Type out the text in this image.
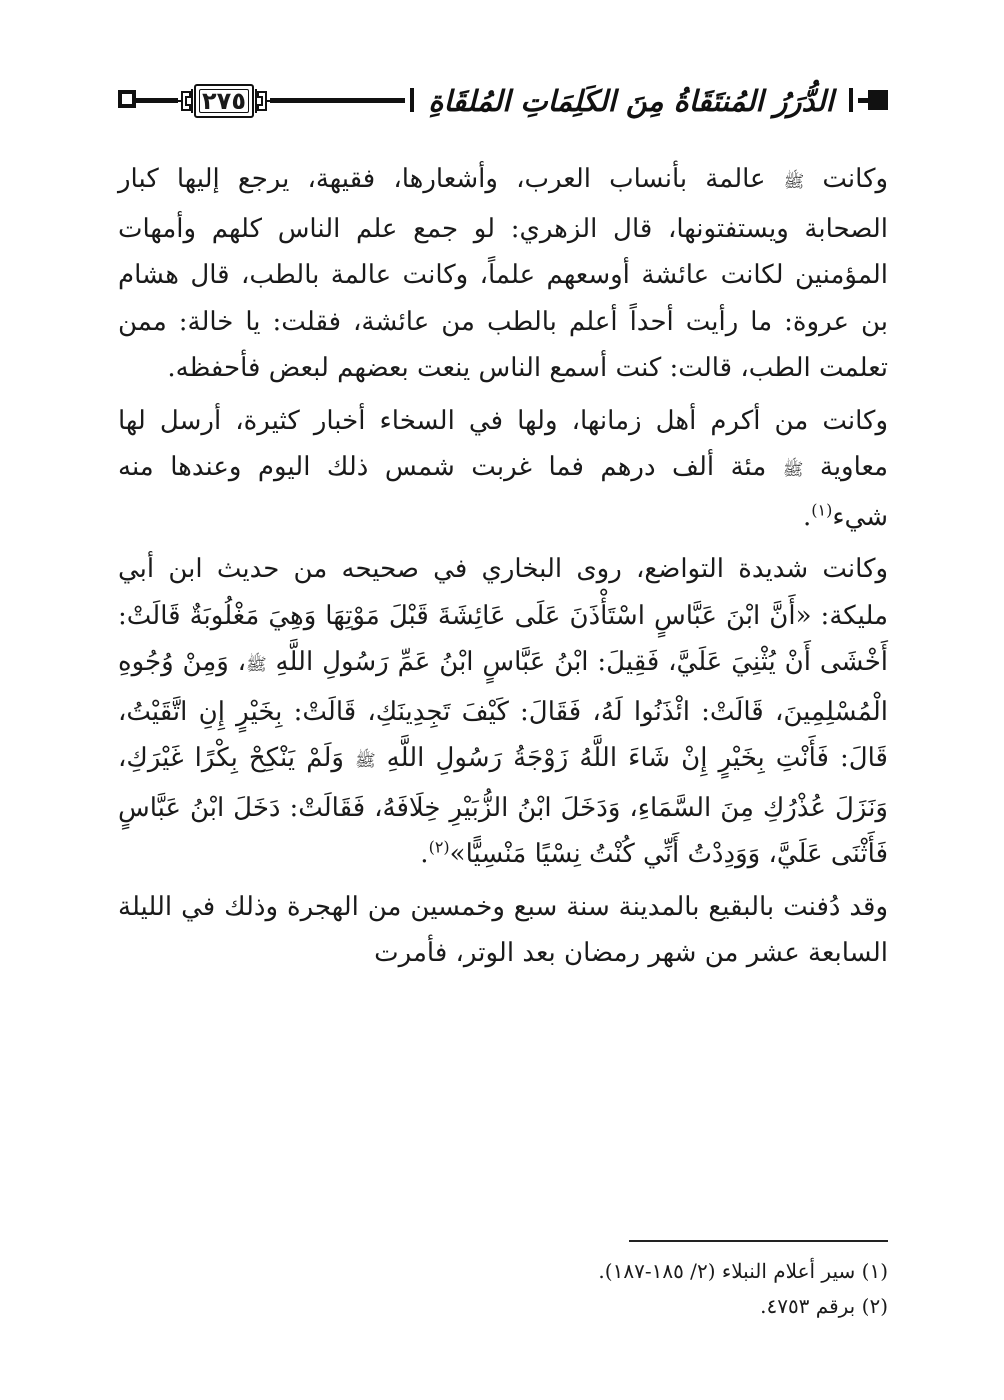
٢٧٥	الدُّرَرُ المُنتَقَاةُ مِنَ الكَلِمَاتِ المُلقَاةِ

وكانت ﷺ عالمة بأنساب العرب، وأشعارها، فقيهة، يرجع إليها كبار الصحابة ويستفتونها، قال الزهري: لو جمع علم الناس كلهم وأمهات المؤمنين لكانت عائشة أوسعهم علماً، وكانت عالمة بالطب، قال هشام بن عروة: ما رأيت أحداً أعلم بالطب من عائشة، فقلت: يا خالة: ممن تعلمت الطب، قالت: كنت أسمع الناس ينعت بعضهم لبعض فأحفظه.

وكانت من أكرم أهل زمانها، ولها في السخاء أخبار كثيرة، أرسل لها معاوية ﷺ مئة ألف درهم فما غربت شمس ذلك اليوم وعندها منه شيء$^{(١)}$.

وكانت شديدة التواضع، روى البخاري في صحيحه من حديث ابن أبي مليكة: «أَنَّ ابْنَ عَبَّاسٍ اسْتَأْذَنَ عَلَى عَائِشَةَ قَبْلَ مَوْتِهَا وَهِيَ مَغْلُوبَةٌ قَالَتْ: أَخْشَى أَنْ يُثْنِيَ عَلَيَّ، فَقِيلَ: ابْنُ عَبَّاسٍ ابْنُ عَمِّ رَسُولِ اللَّهِ ﷺ، وَمِنْ وُجُوهِ الْمُسْلِمِينَ، قَالَتْ: ائْذَنُوا لَهُ، فَقَالَ: كَيْفَ تَجِدِينَكِ، قَالَتْ: بِخَيْرٍ إِنِ اتَّقَيْتُ، قَالَ: فَأَنْتِ بِخَيْرٍ إِنْ شَاءَ اللَّهُ زَوْجَةُ رَسُولِ اللَّهِ ﷺ وَلَمْ يَنْكِحْ بِكْرًا غَيْرَكِ، وَنَزَلَ عُذْرُكِ مِنَ السَّمَاءِ، وَدَخَلَ ابْنُ الزُّبَيْرِ خِلَافَهُ، فَقَالَتْ: دَخَلَ ابْنُ عَبَّاسٍ فَأَثْنَى عَلَيَّ، وَوَدِدْتُ أَنِّي كُنْتُ نِسْيًا مَنْسِيًّا»$^{(٢)}$.

وقد دُفنت بالبقيع بالمدينة سنة سبع وخمسين من الهجرة وذلك في الليلة السابعة عشر من شهر رمضان بعد الوتر، فأمرت

(١) سير أعلام النبلاء (٢/ ١٨٥-١٨٧).

(٢) برقم ٤٧٥٣.
